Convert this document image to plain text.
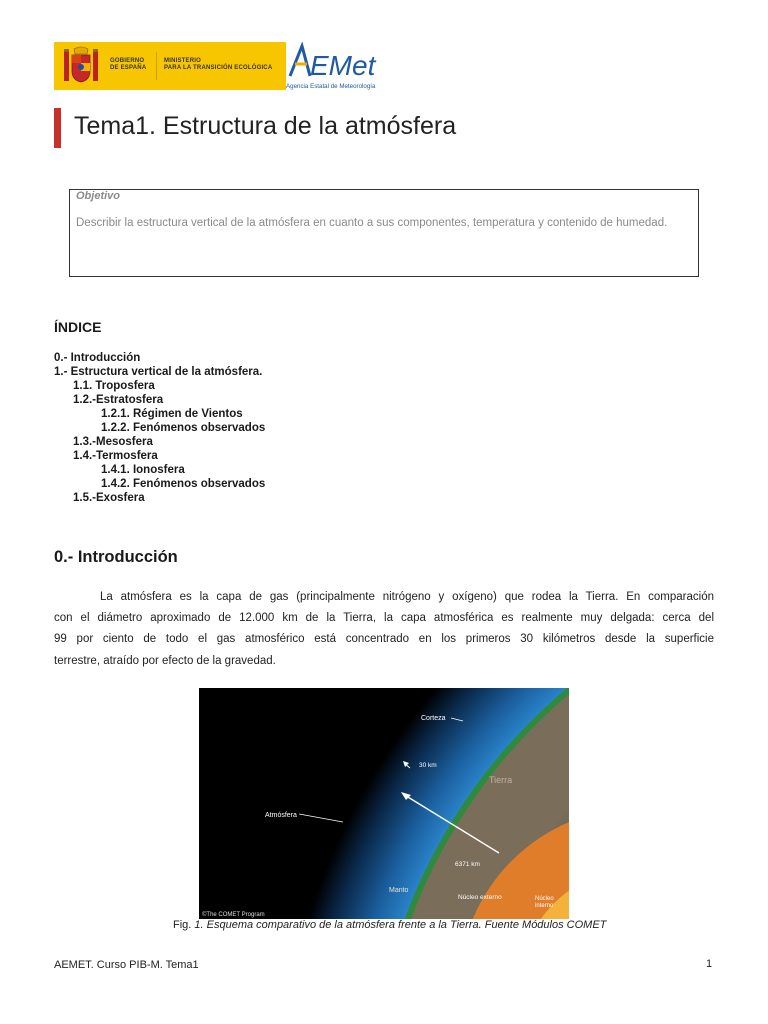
GOBIERNO
DE ESPAÑA
MINISTERIO
PARA LA TRANSICIÓN ECOLÓGICA EMet
Agencia Estatal de Meteorología
Tema1. Estructura de la atmósfera
Objetivo
Describir la estructura vertical de la atmósfera en cuanto a sus componentes, temperatura y contenido de humedad.
ÍNDICE
0.- Introducción
1.- Estructura vertical de la atmósfera.
1.1. Troposfera
1.2.-Estratosfera
1.2.1. Régimen de Vientos
1.2.2. Fenómenos observados
1.3.-Mesosfera
1.4.-Termosfera
1.4.1. Ionosfera
1.4.2. Fenómenos observados
1.5.-Exosfera
0.- Introducción
La atmósfera es la capa de gas (principalmente nitrógeno y oxígeno) que rodea la Tierra. En comparación
con el diámetro aproximado de 12.000 km de la Tierra, la capa atmosférica es realmente muy delgada: cerca del
99 por ciento de todo el gas atmosférico está concentrado en los primeros 30 kilómetros desde la superficie
terrestre, atraído por efecto de la gravedad.
Corteza
30 km
Tierra
Atmósfera
6371 km
Manto
Núcleo externo	Núcleo
interno
©The COMET Program
Fig. 1. Esquema comparativo de la atmósfera frente a la Tierra. Fuente Módulos COMET
AEMET. Curso PIB-M. Tema1	1
